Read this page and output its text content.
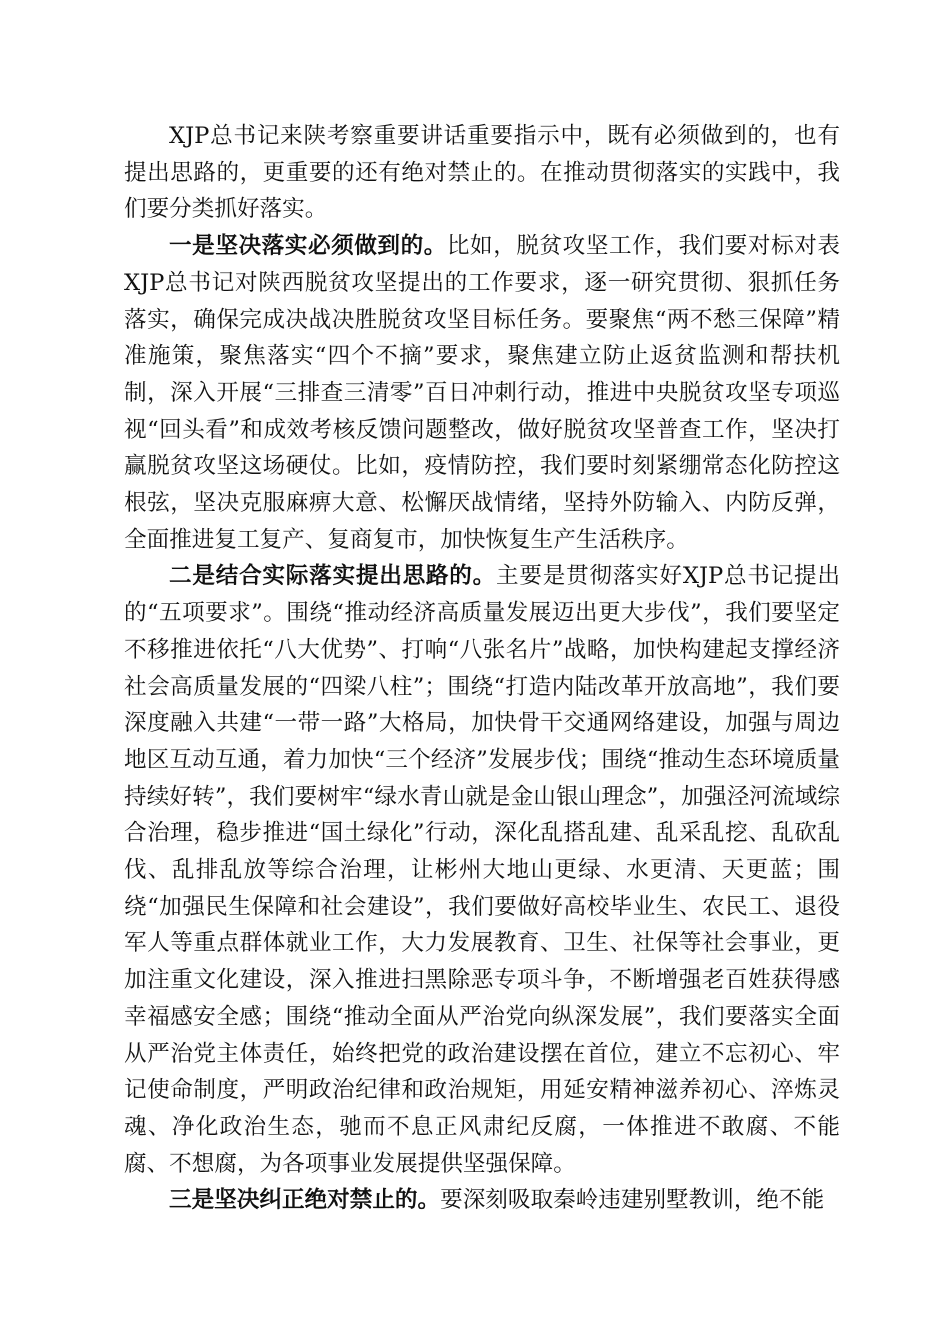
XJP总书记来陕考察重要讲话重要指示中，既有必须做到的，也有提出思路的，更重要的还有绝对禁止的。在推动贯彻落实的实践中，我们要分类抓好落实。

一是坚决落实必须做到的。比如，脱贫攻坚工作，我们要对标对表XJP总书记对陕西脱贫攻坚提出的工作要求，逐一研究贯彻、狠抓任务落实，确保完成决战决胜脱贫攻坚目标任务。要聚焦“两不愁三保障”精准施策，聚焦落实“四个不摘”要求，聚焦建立防止返贫监测和帮扶机制，深入开展“三排查三清零”百日冲刺行动，推进中央脱贫攻坚专项巡视“回头看”和成效考核反馈问题整改，做好脱贫攻坚普查工作，坚决打赢脱贫攻坚这场硬仗。比如，疫情防控，我们要时刻紧绷常态化防控这根弦，坚决克服麻痹大意、松懈厌战情绪，坚持外防输入、内防反弹，全面推进复工复产、复商复市，加快恢复生产生活秩序。

二是结合实际落实提出思路的。主要是贯彻落实好XJP总书记提出的“五项要求”。围绕“推动经济高质量发展迈出更大步伐”，我们要坚定不移推进依托“八大优势”、打响“八张名片”战略，加快构建起支撑经济社会高质量发展的“四梁八柱”；围绕“打造内陆改革开放高地”，我们要深度融入共建“一带一路”大格局，加快骨干交通网络建设，加强与周边地区互动互通，着力加快“三个经济”发展步伐；围绕“推动生态环境质量持续好转”，我们要树牢“绿水青山就是金山银山理念”，加强泾河流域综合治理，稳步推进“国土绿化”行动，深化乱搭乱建、乱采乱挖、乱砍乱伐、乱排乱放等综合治理，让彬州大地山更绿、水更清、天更蓝；围绕“加强民生保障和社会建设”，我们要做好高校毕业生、农民工、退役军人等重点群体就业工作，大力发展教育、卫生、社保等社会事业，更加注重文化建设，深入推进扫黑除恶专项斗争，不断增强老百姓获得感幸福感安全感；围绕“推动全面从严治党向纵深发展”，我们要落实全面从严治党主体责任，始终把党的政治建设摆在首位，建立不忘初心、牢记使命制度，严明政治纪律和政治规矩，用延安精神滋养初心、淬炼灵魂、净化政治生态，驰而不息正风肃纪反腐，一体推进不敢腐、不能腐、不想腐，为各项事业发展提供坚强保障。

三是坚决纠正绝对禁止的。要深刻吸取秦岭违建别墅教训，绝不能
